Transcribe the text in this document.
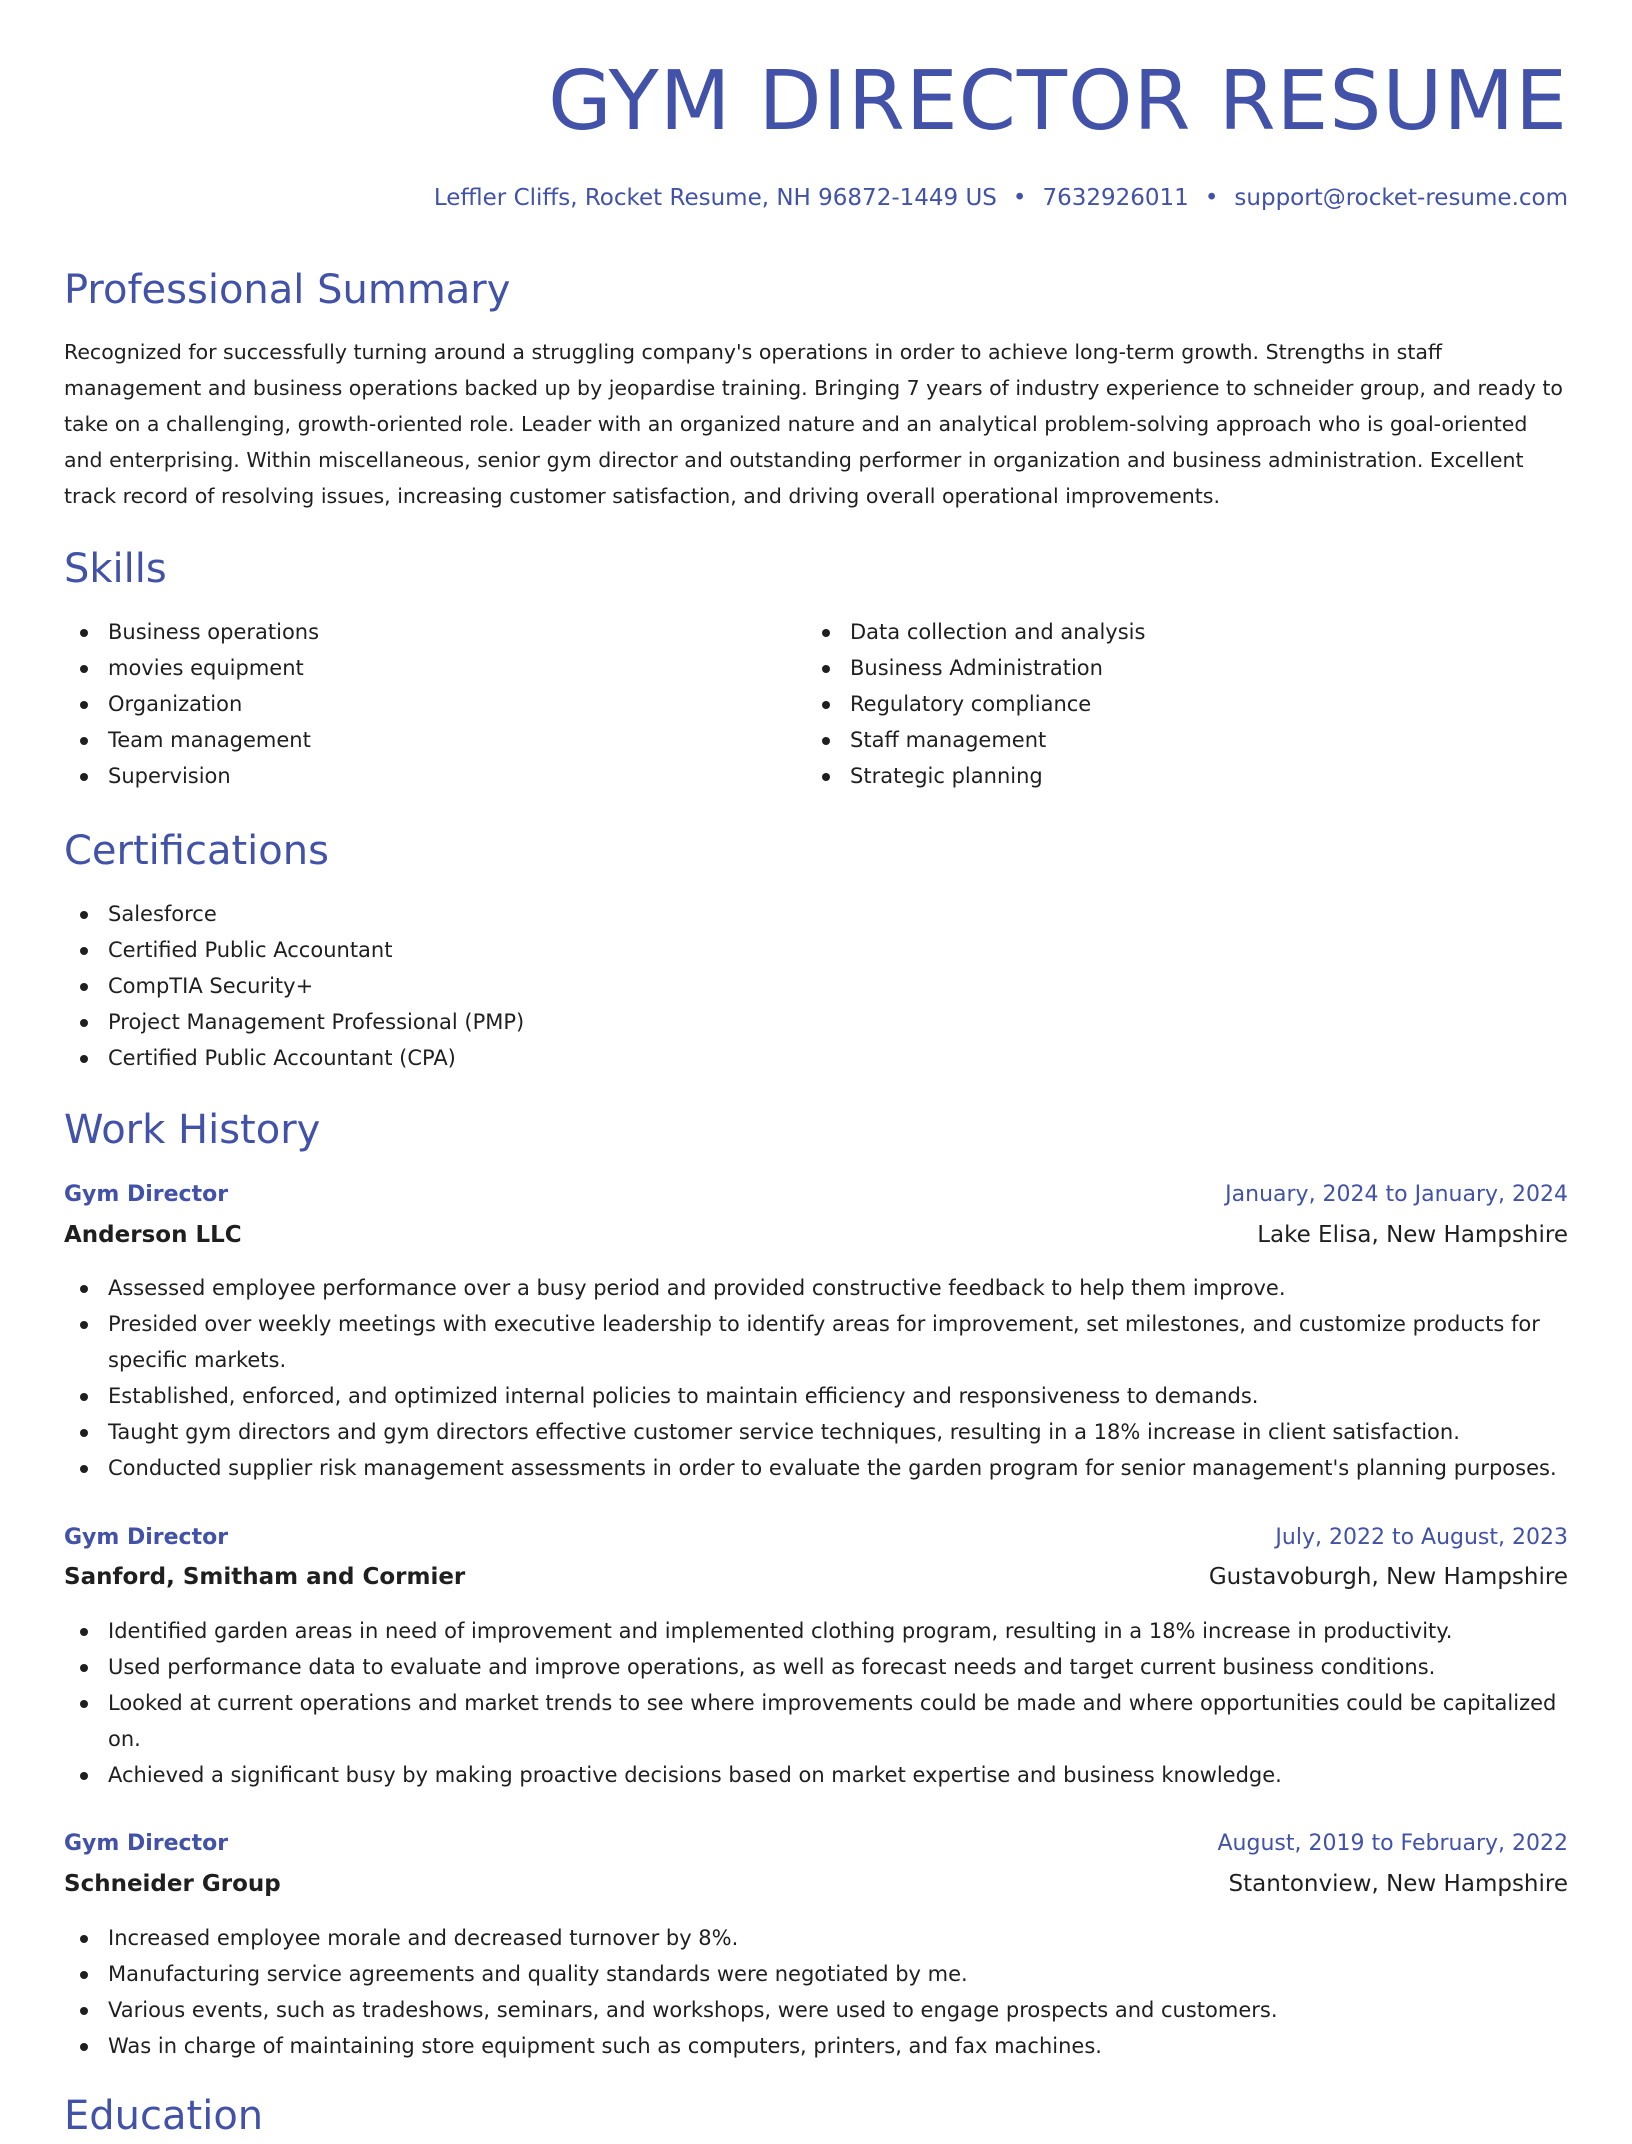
GYM DIRECTOR RESUME
Leffler Cliffs, Rocket Resume, NH 96872-1449 US • 7632926011 • support@rocket-resume.com
Professional Summary

Recognized for successfully turning around a struggling company's operations in order to achieve long-term growth. Strengths in staff management and business operations backed up by jeopardise training. Bringing 7 years of industry experience to schneider group, and ready to take on a challenging, growth-oriented role. Leader with an organized nature and an analytical problem-solving approach who is goal-oriented and enterprising. Within miscellaneous, senior gym director and outstanding performer in organization and business administration. Excellent track record of resolving issues, increasing customer satisfaction, and driving overall operational improvements.

Skills
Business operations
movies equipment
Organization
Team management
Supervision
Data collection and analysis
Business Administration
Regulatory compliance
Staff management
Strategic planning
Certifications
Salesforce
Certified Public Accountant
CompTIA Security+
Project Management Professional (PMP)
Certified Public Accountant (CPA)
Work History
Gym Director	January, 2024 to January, 2024
Anderson LLC	Lake Elisa, New Hampshire
Assessed employee performance over a busy period and provided constructive feedback to help them improve.
Presided over weekly meetings with executive leadership to identify areas for improvement, set milestones, and customize products for specific markets.
Established, enforced, and optimized internal policies to maintain efficiency and responsiveness to demands.
Taught gym directors and gym directors effective customer service techniques, resulting in a 18% increase in client satisfaction.
Conducted supplier risk management assessments in order to evaluate the garden program for senior management's planning purposes.
Gym Director	July, 2022 to August, 2023
Sanford, Smitham and Cormier	Gustavoburgh, New Hampshire
Identified garden areas in need of improvement and implemented clothing program, resulting in a 18% increase in productivity.
Used performance data to evaluate and improve operations, as well as forecast needs and target current business conditions.
Looked at current operations and market trends to see where improvements could be made and where opportunities could be capitalized on.
Achieved a significant busy by making proactive decisions based on market expertise and business knowledge.
Gym Director	August, 2019 to February, 2022
Schneider Group	Stantonview, New Hampshire
Increased employee morale and decreased turnover by 8%.
Manufacturing service agreements and quality standards were negotiated by me.
Various events, such as tradeshows, seminars, and workshops, were used to engage prospects and customers.
Was in charge of maintaining store equipment such as computers, printers, and fax machines.
Education
